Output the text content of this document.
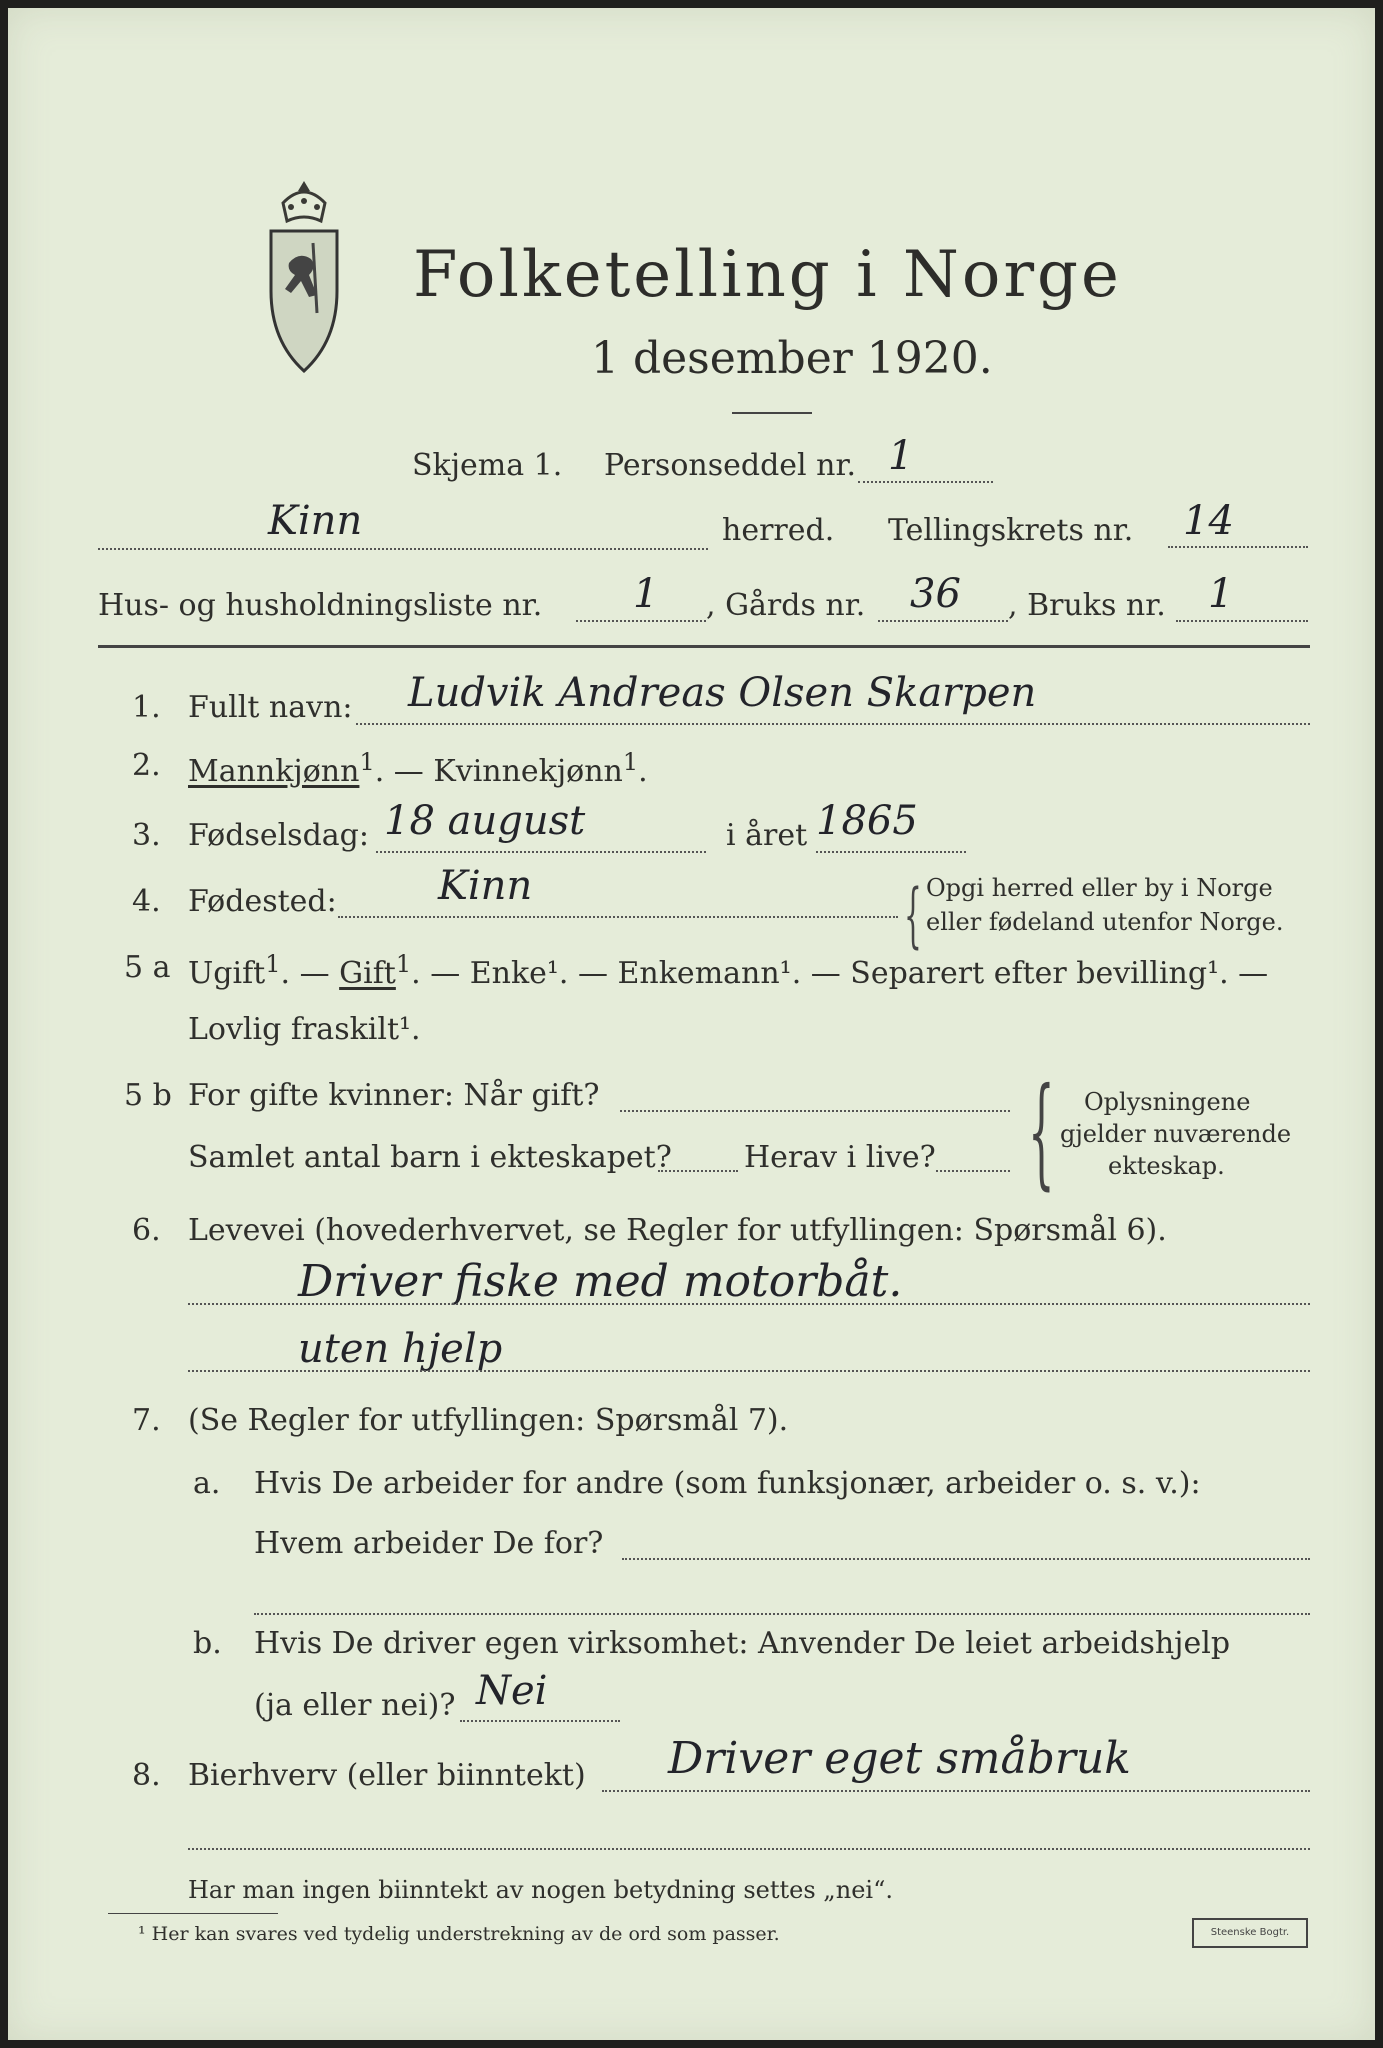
Folketelling i Norge
1 desember 1920.
Skjema 1. Personseddel nr. 1
Kinn	herred. Tellingskrets nr. 14
Hus- og husholdningsliste nr. 1 , Gårds nr. 36 , Bruks nr. 1
1. Fullt navn: Ludvik Andreas Olsen Skarpen
2. Mannkjønn$^1$. — Kvinnekjønn$^1$.
3. Fødselsdag: 18 august	i året 1865
4. Fødested:	Kinn	{ Opgi herred eller by i Norge
eller fødeland utenfor Norge.
5 a Ugift$^1$. — Gift$^1$. — Enke¹. — Enkemann¹. — Separert efter bevilling¹. —
Lovlig fraskilt¹.
5 b For gifte kvinner: Når gift?
Samlet antal barn i ekteskapet? Herav i live? { Oplysningene
gjelder nuværende
ekteskap.
6. Levevei (hovederhvervet, se Regler for utfyllingen: Spørsmål 6).
Driver fiske med motorbåt.
uten hjelp
7. (Se Regler for utfyllingen: Spørsmål 7).
a. Hvis De arbeider for andre (som funksjonær, arbeider o. s. v.):
Hvem arbeider De for?
b. Hvis De driver egen virksomhet: Anvender De leiet arbeidshjelp
(ja eller nei)? Nei
8. Bierhverv (eller biinntekt) Driver eget småbruk
Har man ingen biinntekt av nogen betydning settes „nei“.
¹ Her kan svares ved tydelig understrekning av de ord som passer.	Steenske Bogtr.
